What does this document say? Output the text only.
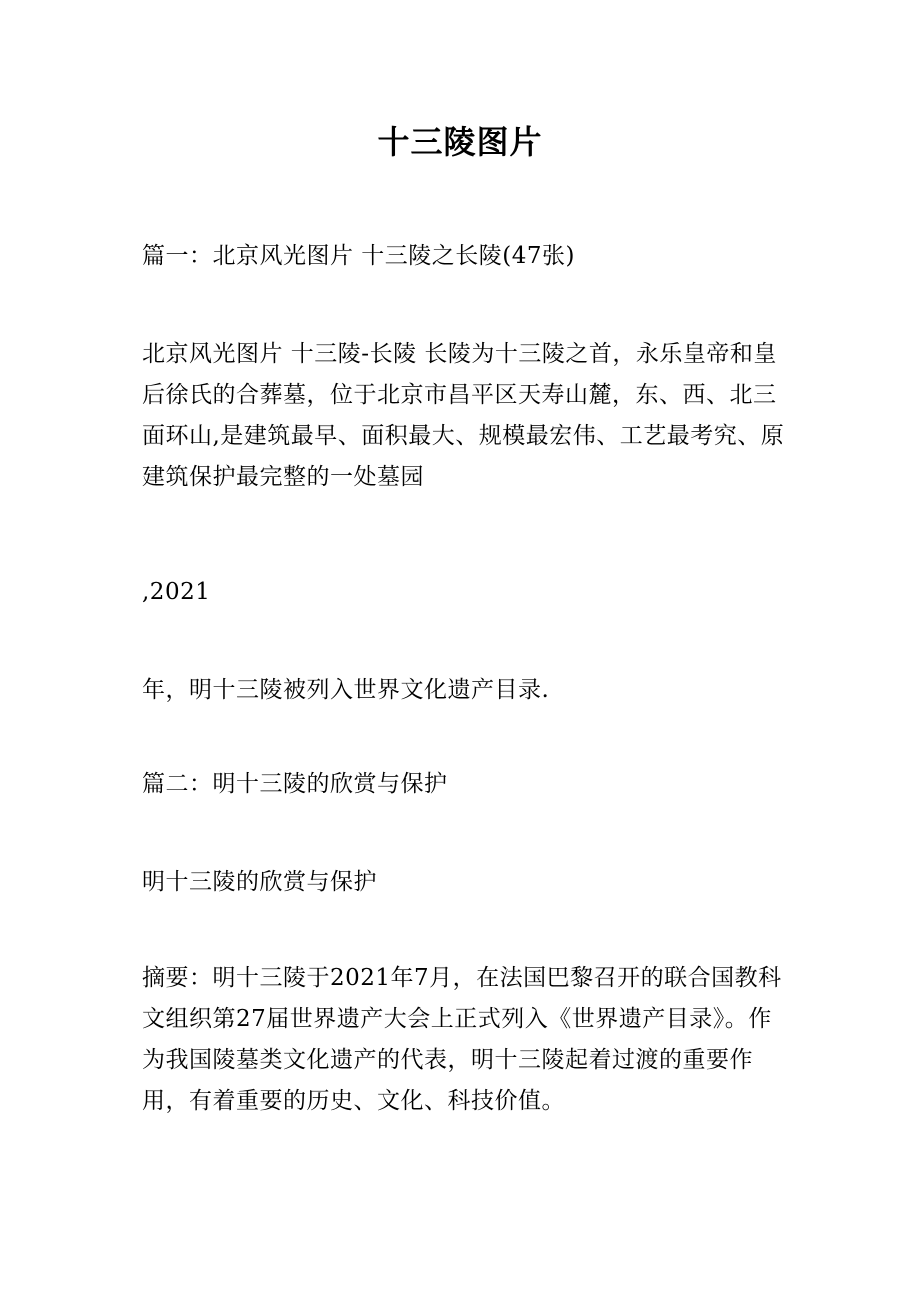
十三陵图片

篇一：北京风光图片 十三陵之长陵(47张)

北京风光图片 十三陵-长陵 长陵为十三陵之首，永乐皇帝和皇后徐氏的合葬墓，位于北京市昌平区天寿山麓，东、西、北三面环山,是建筑最早、面积最大、规模最宏伟、工艺最考究、原建筑保护最完整的一处墓园

,2021

年，明十三陵被列入世界文化遗产目录.

篇二：明十三陵的欣赏与保护

明十三陵的欣赏与保护

摘要：明十三陵于2021年7月，在法国巴黎召开的联合国教科文组织第27届世界遗产大会上正式列入《世界遗产目录》。作为我国陵墓类文化遗产的代表，明十三陵起着过渡的重要作用，有着重要的历史、文化、科技价值。
